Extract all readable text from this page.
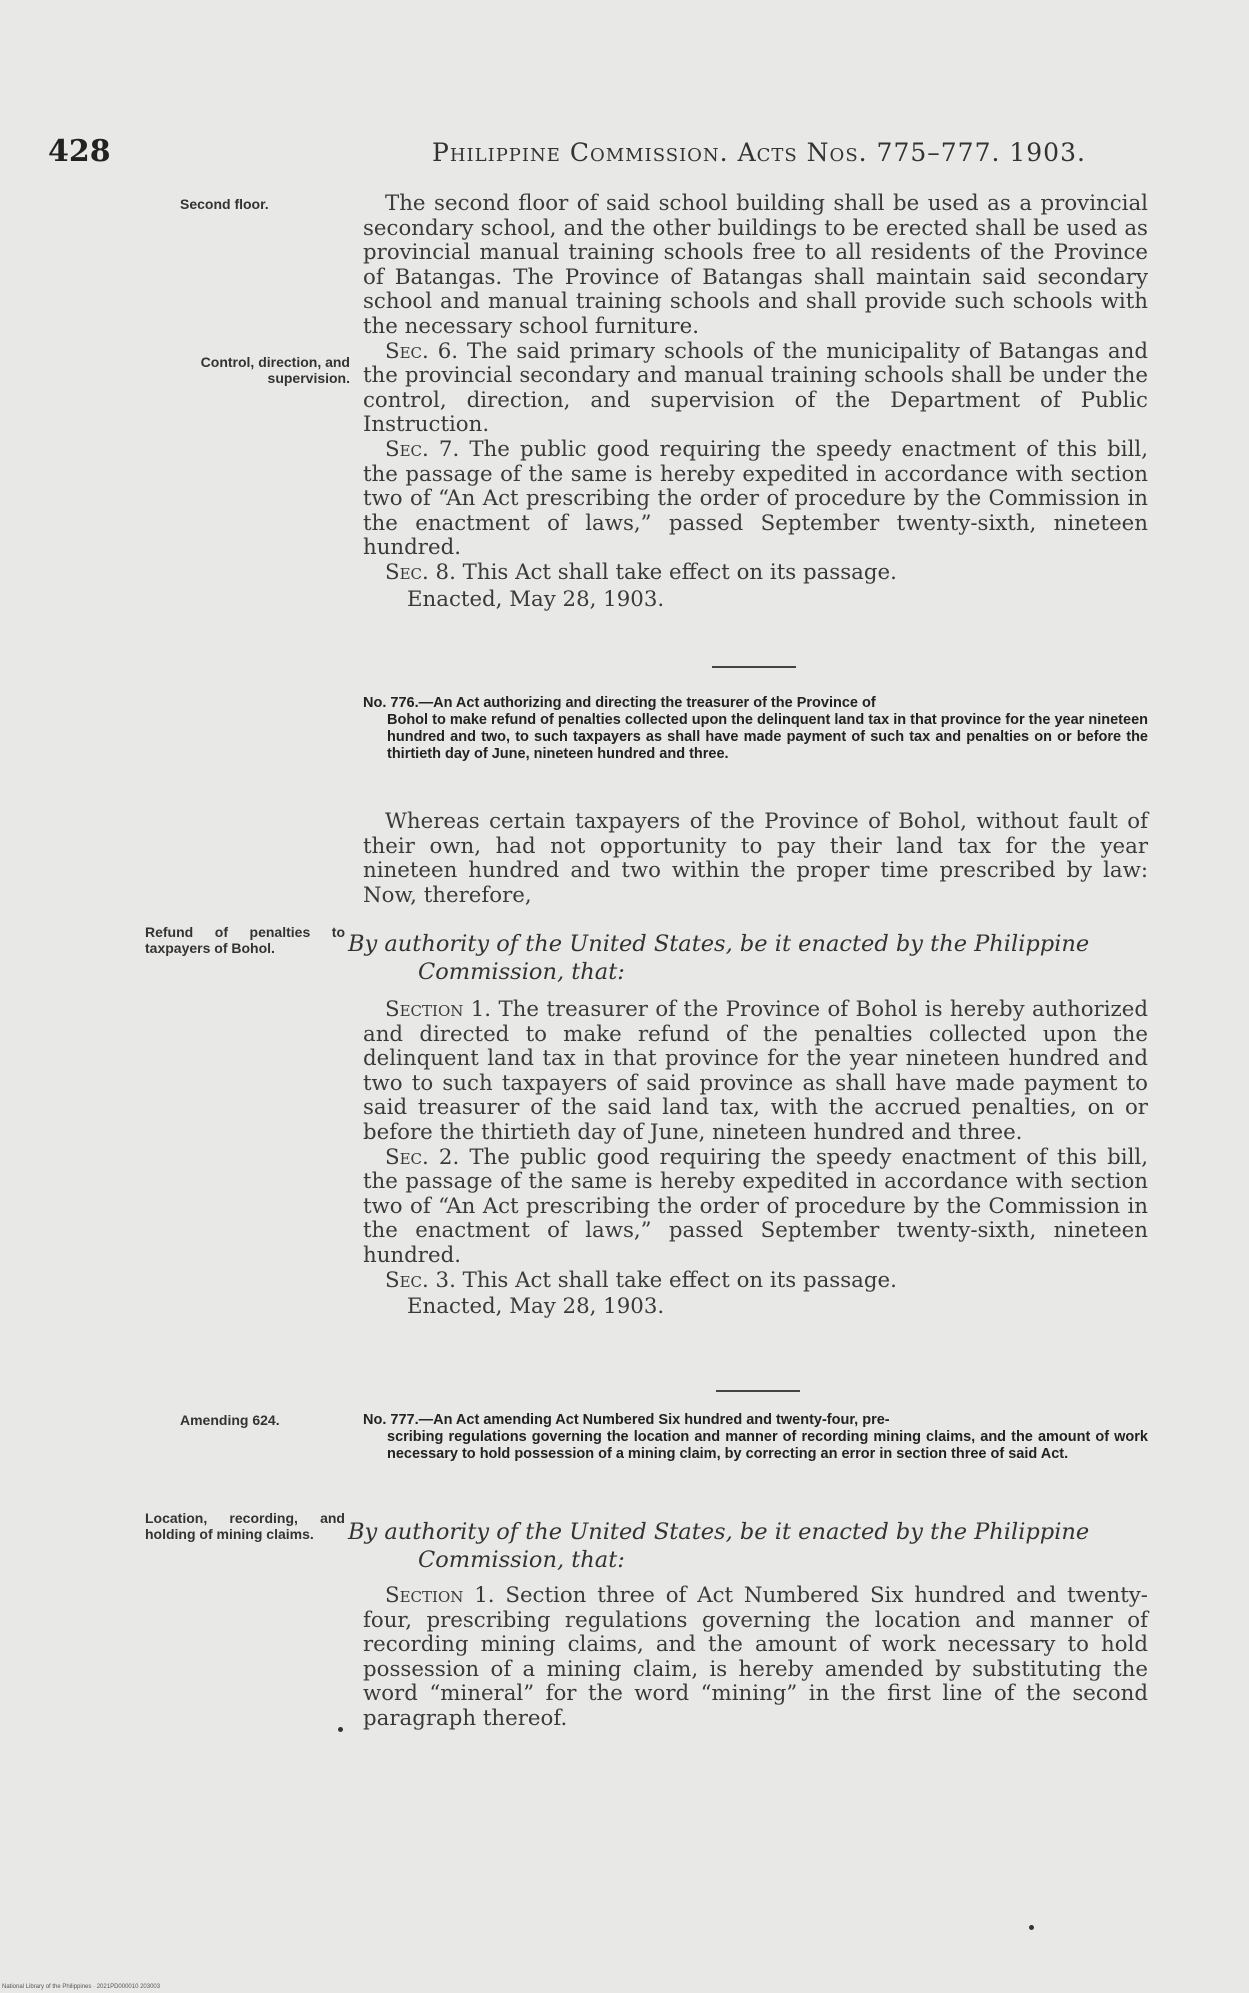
428	Philippine Commission. Acts Nos. 775–777. 1903.
Second floor.
Control, direction, and supervision.
Refund of penalties to taxpayers of Bohol.
Amending 624.
Location, recording, and holding of mining claims.

The second floor of said school building shall be used as a provincial secondary school, and the other buildings to be erected shall be used as provincial manual training schools free to all residents of the Province of Batangas. The Province of Batangas shall maintain said secondary school and manual training schools and shall provide such schools with the necessary school furniture.

Sec. 6. The said primary schools of the municipality of Batangas and the provincial secondary and manual training schools shall be under the control, direction, and supervision of the Department of Public Instruction.

Sec. 7. The public good requiring the speedy enactment of this bill, the passage of the same is hereby expedited in accordance with section two of “An Act prescribing the order of procedure by the Commission in the enactment of laws,” passed September twenty-sixth, nineteen hundred.

Sec. 8. This Act shall take effect on its passage.

Enacted, May 28, 1903.

No. 776.—An Act authorizing and directing the treasurer of the Province of
Bohol to make refund of penalties collected upon the delinquent land tax in that province for the year nineteen hundred and two, to such taxpayers as shall have made payment of such tax and penalties on or before the thirtieth day of June, nineteen hundred and three.

Whereas certain taxpayers of the Province of Bohol, without fault of their own, had not opportunity to pay their land tax for the year nineteen hundred and two within the proper time prescribed by law: Now, therefore,

By authority of the United States, be it enacted by the Philippine
Commission, that:

Section 1. The treasurer of the Province of Bohol is hereby authorized and directed to make refund of the penalties collected upon the delinquent land tax in that province for the year nineteen hundred and two to such taxpayers of said province as shall have made payment to said treasurer of the said land tax, with the accrued penalties, on or before the thirtieth day of June, nineteen hundred and three.

Sec. 2. The public good requiring the speedy enactment of this bill, the passage of the same is hereby expedited in accordance with section two of “An Act prescribing the order of procedure by the Commission in the enactment of laws,” passed September twenty-sixth, nineteen hundred.

Sec. 3. This Act shall take effect on its passage.

Enacted, May 28, 1903.

No. 777.—An Act amending Act Numbered Six hundred and twenty-four, pre-
scribing regulations governing the location and manner of recording mining claims, and the amount of work necessary to hold possession of a mining claim, by correcting an error in section three of said Act.
By authority of the United States, be it enacted by the Philippine
Commission, that:

Section 1. Section three of Act Numbered Six hundred and twenty-four, prescribing regulations governing the location and manner of recording mining claims, and the amount of work necessary to hold possession of a mining claim, is hereby amended by substituting the word “mineral” for the word “mining” in the first line of the second paragraph thereof.

National Library of the Philippines · 2021PD000010 203003
